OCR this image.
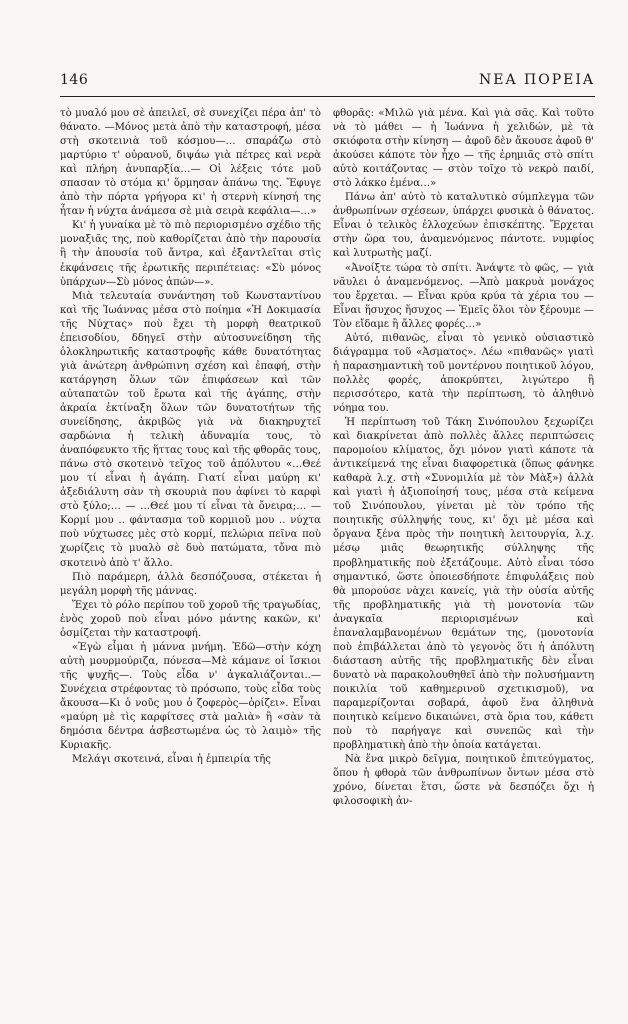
146	ΝΕΑ ΠΟΡΕΙΑ

τὸ μυαλό μου σὲ ἀπειλεῖ, σὲ συνεχίζει πέρα ἀπ' τὸ θάνατο. —Μόνος μετὰ ἀπὸ τὴν καταστροφή, μέσα στὴ σκοτεινιὰ τοῦ κόσμου—… σπαράζω στὸ μαρτύριο τ' οὐρανοῦ, διψάω γιὰ πέτρες καὶ νερὰ καὶ πλήρη ἀνυπαρξία…— Οἱ λέξεις τότε μοῦ σπασαν τὸ στόμα κι' ὅρμησαν ἀπάνω της. Ἔφυγε ἀπὸ τὴν πόρτα γρήγορα κι' ἡ στερνὴ κίνησή της ἦταν ἡ νύχτα ἀνάμεσα σὲ μιὰ σειρὰ κεφάλια—…»

Κι' ἡ γυναίκα μὲ τὸ πιὸ περιορισμένο σχέδιο τῆς μοναξιᾶς της, ποὺ καθορίζεται ἀπὸ τὴν παρουσία ἢ τὴν ἀπουσία τοῦ ἄντρα, καὶ ἐξαντλεῖται στὶς ἐκφάνσεις τῆς ἐρωτικῆς περιπέτειας: «Σὺ μόνος ὑπάρχων—Σὺ μόνος ἀπών—».

Μιὰ τελευταία συνάντηση τοῦ Κωνσταντίνου καὶ τῆς Ἰωάννας μέσα στὸ ποίημα «Ἡ Δοκιμασία τῆς Νύχτας» ποὺ ἔχει τὴ μορφὴ θεατρικοῦ ἐπεισοδίου, δδηγεῖ στὴν αὐτοσυνείδηση τῆς ὁλοκληρωτικῆς καταστροφῆς κάθε δυνατότητας γιὰ ἀνώτερη ἀνθρώπινη σχέση καὶ ἐπαφή, στὴν κατάργηση ὅλων τῶν ἐπιφάσεων καὶ τῶν αὐταπατῶν τοῦ ἔρωτα καὶ τῆς ἀγάπης, στὴν ἀκραία ἐκτίναξη ὅλων τῶν δυνατοτήτων τῆς συνείδησης, ἀκριβῶς γιὰ νὰ διακηρυχτεῖ σαρδώνια ἡ τελικὴ ἀδυναμία τους, τὸ ἀναπόφευκτο τῆς ἥττας τους καὶ τῆς φθορᾶς τους, πάνω στὸ σκοτεινὸ τεῖχος τοῦ ἀπόλυτου «…Θεέ μου τί εἶναι ἡ ἀγάπη. Γιατί εἶναι μαύρη κι' ἀξεδιάλυτη σὰν τὴ σκουριὰ που ἀφίνει τὸ καρφὶ στὸ ξύλο;… — …Θεέ μου τί εἶναι τὰ ὄνειρα;… — Κορμί μου .. φάντασμα τοῦ κορμιοῦ μου .. νύχτα ποὺ νύχτωσες μὲς στὸ κορμί, πελώρια πεῖνα ποὺ χωρίζεις τὸ μυαλὸ σὲ δυὸ πατώματα, τὄνα πιὸ σκοτεινὸ ἀπὸ τ' ἄλλο.

Πιὸ παράμερη, ἀλλὰ δεσπόζουσα, στέκεται ἡ μεγάλη μορφὴ τῆς μάννας.

Ἔχει τὸ ρόλο περίπου τοῦ χοροῦ τῆς τραγωδίας, ἑνὸς χοροῦ ποὺ εἶναι μόνο μάντης κακῶν, κι' ὀσμίζεται τὴν καταστροφή.

«Ἐγὼ εἶμαι ἡ μάννα μνήμη. Ἐδῶ—στὴν κόχη αὐτὴ μουρμούριζα, πόνεσα—Μὲ κάμανε οἱ ἴσκιοι τῆς ψυχῆς—. Τοὺς εἶδα ν' ἀγκαλιάζονται..—Συνέχεια στρέφοντας τὸ πρόσωπο, τοὺς εἶδα τοὺς ἄκουσα—Κι ὁ νοῦς μου ὁ ζοφερὸς—ὀρίζει». Εἶναι «μαύρη μὲ τὶς καρφίτσες στὰ μαλιὰ» ἢ «σὰν τὰ δημόσια δέντρα ἀσβεστωμένα ὡς τὸ λαιμὸ» τῆς Κυριακῆς.

Μελάγι σκοτεινά, εἶναι ἡ ἐμπειρία τῆς

φθορᾶς: «Μιλῶ γιὰ μένα. Καὶ γιὰ σᾶς. Καὶ τοῦτο νὰ τὸ μάθει — ἡ Ἰωάννα ἡ χελιδών, μὲ τὰ σκιόφοτα στὴν κίνηση — ἀφοῦ δὲν ἄκουσε ἀφοῦ θ' ἀκούσει κάποτε τὸν ἦχο — τῆς ἐρημιᾶς στὸ σπίτι αὐτὸ κοιτάζοντας — στὸν τοῖχο τὸ νεκρὸ παιδί, στὸ λάκκο ἐμένα…»

Πάνω ἀπ' αὐτὸ τὸ καταλυτικὸ σύμπλεγμα τῶν ἀνθρωπίνων σχέσεων, ὑπάρχει φυσικὰ ὁ θάνατος. Εἶναι ὁ τελικὸς ἐλλοχεύων ἐπισκέπτης. Ἔρχεται στὴν ὥρα του, ἀναμενόμενος πάντοτε. νυμφίος καὶ λυτρωτὴς μαζί.

«Ἀνοίξτε τώρα τὸ σπίτι. Ἀνάψτε τὸ φῶς, — γιὰ νᾶυλει ὁ ἀναμενόμενος. —Ἀπὸ μακρυὰ μονάχος του ἔρχεται. — Εἶναι κρύα κρύα τὰ χέρια του — Εἶναι ἥσυχος ἥσυχος — Ἐμεῖς ὅλοι τὸν ξέρουμε — Τὸν εἴδαμε ἢ ἄλλες φορές…»

Αὐτό, πιθανῶς, εἶναι τὸ γενικὸ οὐσιαστικὸ διάγραμμα τοῦ «Ἀσματος». Λέω «πιθανῶς» γιατὶ ἡ παρασημαντικὴ τοῦ μοντέρνου ποιητικοῦ λόγου, πολλὲς φορές, ἀποκρύπτει, λιγώτερο ἢ περισσότερο, κατὰ τὴν περίπτωση, τὸ ἀληθινὸ νόημα του.

Ἡ περίπτωση τοῦ Τάκη Σινόπουλου ξεχωρίζει καὶ διακρίνεται ἀπὸ πολλὲς ἄλλες περιπτώσεις παρομοίου κλίματος, ὄχι μόνον γιατὶ κάποτε τὰ ἀντικείμενά της εἶναι διαφορετικὰ (ὅπως φάνηκε καθαρὰ λ.χ. στὴ «Συνομιλία μὲ τὸν Μὰξ») ἀλλὰ καὶ γιατὶ ἡ ἀξιοποίησή τους, μέσα στὰ κείμενα τοῦ Σινόπουλου, γίνεται μὲ τὸν τρόπο τῆς ποιητικῆς σύλληψής τους, κι' ὄχι μὲ μέσα καὶ ὄργανα ξένα πρὸς τὴν ποιητικὴ λειτουργία, λ.χ. μέσῳ μιᾶς θεωρητικῆς σύλληψης τῆς προβληματικῆς ποὺ ἐξετάζουμε. Αὐτὸ εἶναι τόσο σημαντικό, ὥστε ὁποιεσδήποτε ἐπιφυλάξεις ποὺ θὰ μπορούσε νὰχει κανείς, γιὰ τὴν οὐσία αὐτῆς τῆς προβληματικῆς γιὰ τὴ μονοτονία τῶν ἀναγκαῖα περιορισμένων καὶ ἐπαναλαμβανομένων θεμάτων της, (μονοτονία ποὺ ἐπιβάλλεται ἀπὸ τὸ γεγονὸς ὅτι ἡ ἀπόλυτη διάσταση αὐτῆς τῆς προβληματικῆς δὲν εἶναι δυνατὸ νὰ παρακολουθηθεῖ ἀπὸ τὴν πολυσήμαντη ποικιλία τοῦ καθημερινοῦ σχετικισμοῦ), να παραμερίζονται σοβαρά, ἀφοῦ ἕνα ἀληθινὰ ποιητικὸ κείμενο δικαιώνει, στὰ ὅρια του, κάθετι ποὺ τὸ παρήγαγε καὶ συνεπῶς καὶ τὴν προβληματικὴ ἀπὸ τὴν ὁποία κατάγεται.

Νὰ ἕνα μικρὸ δεῖγμα, ποιητικοῦ ἐπιτεύγματος, ὅπου ἡ φθορὰ τῶν ἀνθρωπίνων ὄντων μέσα στὸ χρόνο, δίνεται ἔτσι, ὥστε νὰ δεσπόζει ὄχι ἡ φιλοσοφικὴ ἀν-
